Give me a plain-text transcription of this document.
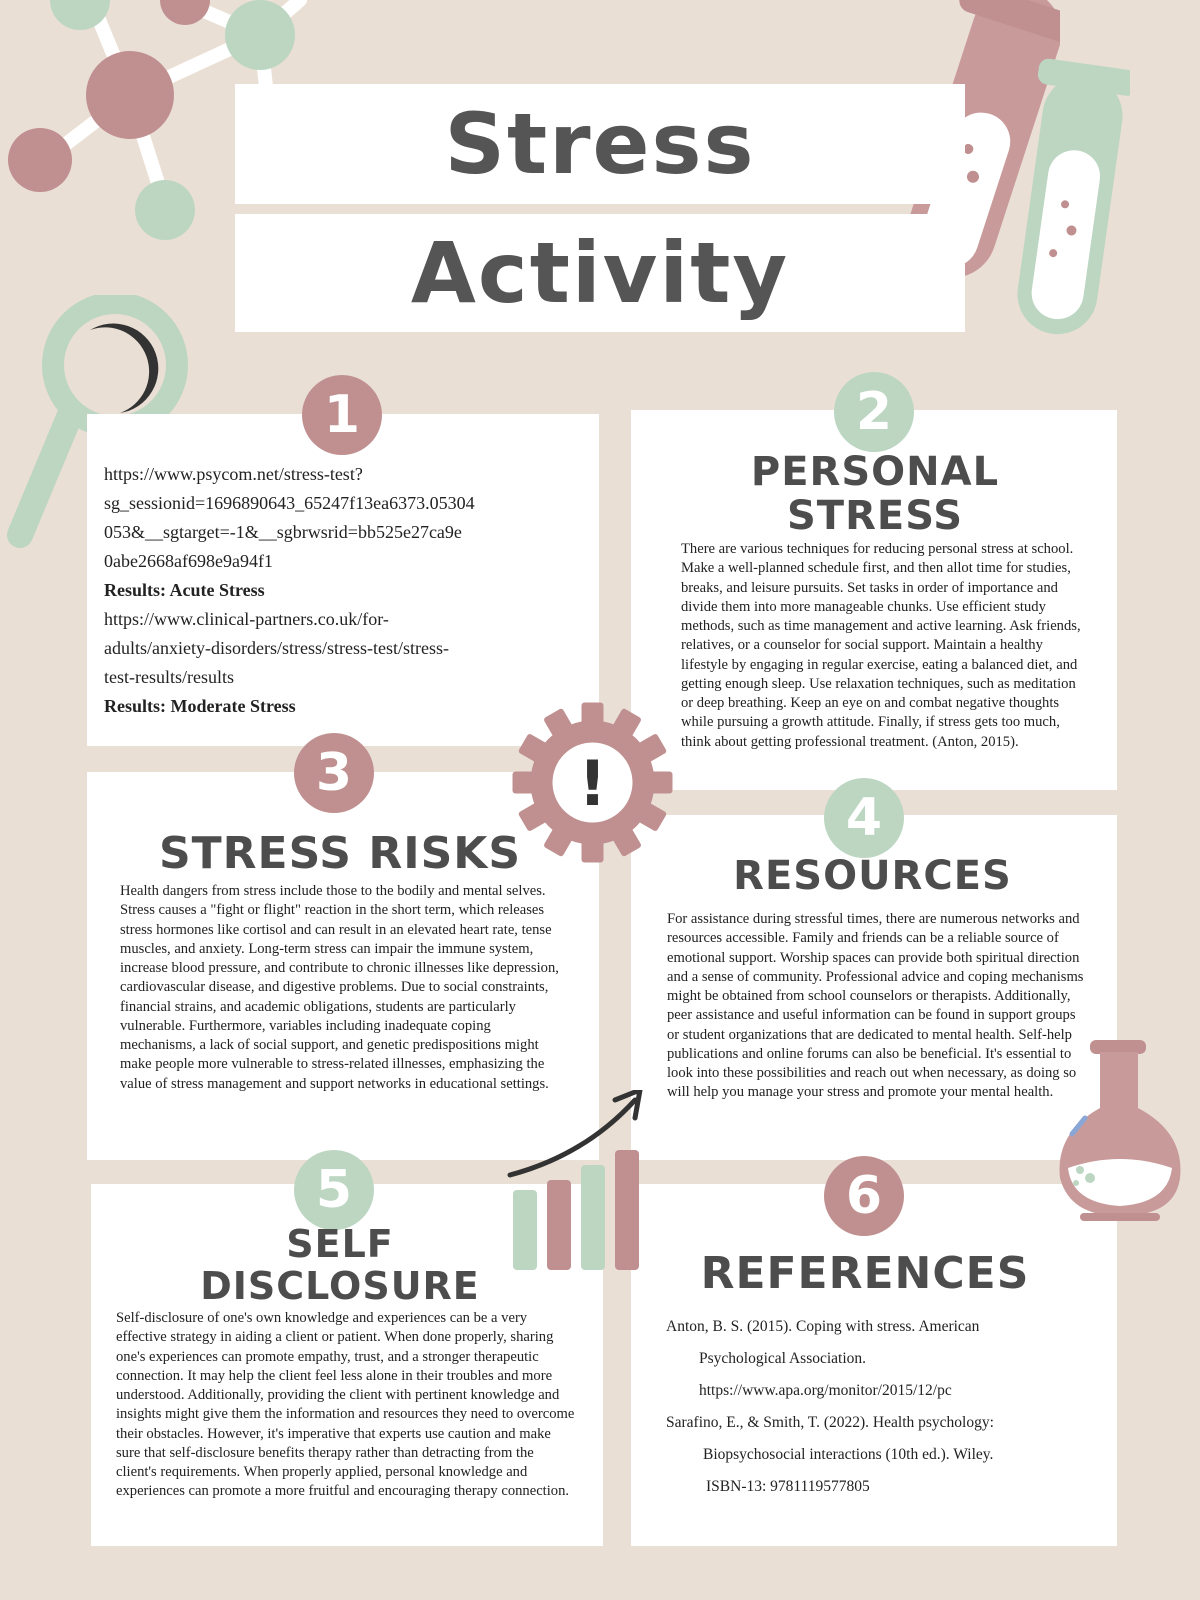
Stress
Activity
1
https://www.psycom.net/stress-test?
sg_sessionid=1696890643_65247f13ea6373.05304
053&__sgtarget=-1&__sgbrwsrid=bb525e27ca9e
0abe2668af698e9a94f1
Results: Acute Stress
https://www.clinical-partners.co.uk/for-
adults/anxiety-disorders/stress/stress-test/stress-
test-results/results
Results: Moderate Stress
2
PERSONAL
STRESS
There are various techniques for reducing personal stress at school. Make a well-planned schedule first, and then allot time for studies, breaks, and leisure pursuits. Set tasks in order of importance and divide them into more manageable chunks. Use efficient study methods, such as time management and active learning. Ask friends, relatives, or a counselor for social support. Maintain a healthy lifestyle by engaging in regular exercise, eating a balanced diet, and getting enough sleep. Use relaxation techniques, such as meditation or deep breathing. Keep an eye on and combat negative thoughts while pursuing a growth attitude. Finally, if stress gets too much, think about getting professional treatment. (Anton, 2015).
3
STRESS RISKS
Health dangers from stress include those to the bodily and mental selves. Stress causes a "fight or flight" reaction in the short term, which releases stress hormones like cortisol and can result in an elevated heart rate, tense muscles, and anxiety. Long-term stress can impair the immune system, increase blood pressure, and contribute to chronic illnesses like depression, cardiovascular disease, and digestive problems. Due to social constraints, financial strains, and academic obligations, students are particularly vulnerable. Furthermore, variables including inadequate coping mechanisms, a lack of social support, and genetic predispositions might make people more vulnerable to stress-related illnesses, emphasizing the value of stress management and support networks in educational settings.
4
RESOURCES
For assistance during stressful times, there are numerous networks and resources accessible. Family and friends can be a reliable source of emotional support. Worship spaces can provide both spiritual direction and a sense of community. Professional advice and coping mechanisms might be obtained from school counselors or therapists. Additionally, peer assistance and useful information can be found in support groups or student organizations that are dedicated to mental health. Self-help publications and online forums can also be beneficial. It's essential to look into these possibilities and reach out when necessary, as doing so will help you manage your stress and promote your mental health.
5
SELF
DISCLOSURE
Self-disclosure of one's own knowledge and experiences can be a very effective strategy in aiding a client or patient. When done properly, sharing one's experiences can promote empathy, trust, and a stronger therapeutic connection. It may help the client feel less alone in their troubles and more understood. Additionally, providing the client with pertinent knowledge and insights might give them the information and resources they need to overcome their obstacles. However, it's imperative that experts use caution and make sure that self-disclosure benefits therapy rather than detracting from the client's requirements. When properly applied, personal knowledge and experiences can promote a more fruitful and encouraging therapy connection.
6
REFERENCES
Anton, B. S. (2015). Coping with stress. American
Psychological Association.
https://www.apa.org/monitor/2015/12/pc
Sarafino, E., & Smith, T. (2022). Health psychology:
Biopsychosocial interactions (10th ed.). Wiley.
ISBN-13: 9781119577805
!
